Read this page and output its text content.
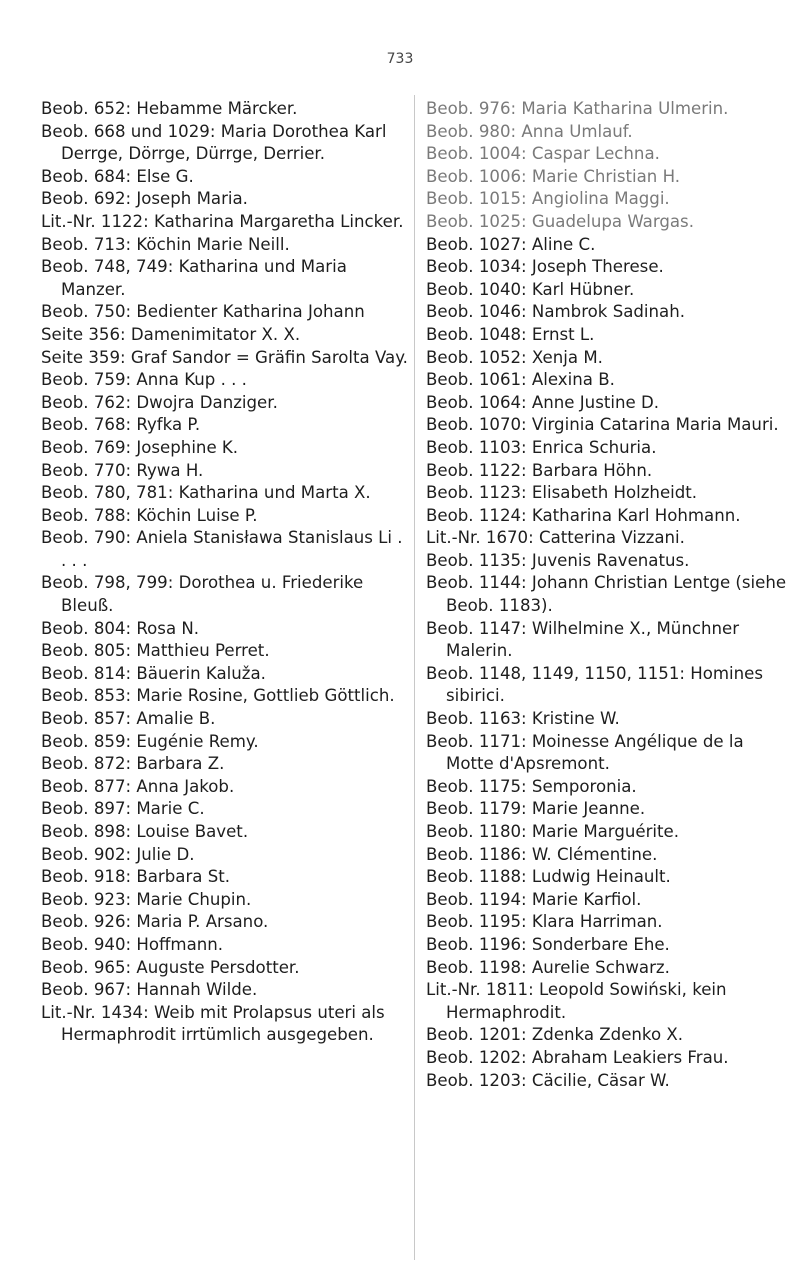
733
Beob. 652: Hebamme Märcker.
Beob. 668 und 1029: Maria Dorothea Karl Derrge, Dörrge, Dürrge, Derrier.
Beob. 684: Else G.
Beob. 692: Joseph Maria.
Lit.-Nr. 1122: Katharina Margaretha Lincker.
Beob. 713: Köchin Marie Neill.
Beob. 748, 749: Katharina und Maria Manzer.
Beob. 750: Bedienter Katharina Johann
Seite 356: Damenimitator X. X.
Seite 359: Graf Sandor = Gräfin Sarolta Vay.
Beob. 759: Anna Kup . . .
Beob. 762: Dwojra Danziger.
Beob. 768: Ryfka P.
Beob. 769: Josephine K.
Beob. 770: Rywa H.
Beob. 780, 781: Katharina und Marta X.
Beob. 788: Köchin Luise P.
Beob. 790: Aniela Stanisława Stanislaus Li . . . .
Beob. 798, 799: Dorothea u. Friederike Bleuß.
Beob. 804: Rosa N.
Beob. 805: Matthieu Perret.
Beob. 814: Bäuerin Kaluža.
Beob. 853: Marie Rosine, Gottlieb Göttlich.
Beob. 857: Amalie B.
Beob. 859: Eugénie Remy.
Beob. 872: Barbara Z.
Beob. 877: Anna Jakob.
Beob. 897: Marie C.
Beob. 898: Louise Bavet.
Beob. 902: Julie D.
Beob. 918: Barbara St.
Beob. 923: Marie Chupin.
Beob. 926: Maria P. Arsano.
Beob. 940: Hoffmann.
Beob. 965: Auguste Persdotter.
Beob. 967: Hannah Wilde.
Lit.-Nr. 1434: Weib mit Prolapsus uteri als Hermaphrodit irrtümlich ausgegeben.
Beob. 976: Maria Katharina Ulmerin.
Beob. 980: Anna Umlauf.
Beob. 1004: Caspar Lechna.
Beob. 1006: Marie Christian H.
Beob. 1015: Angiolina Maggi.
Beob. 1025: Guadelupa Wargas.
Beob. 1027: Aline C.
Beob. 1034: Joseph Therese.
Beob. 1040: Karl Hübner.
Beob. 1046: Nambrok Sadinah.
Beob. 1048: Ernst L.
Beob. 1052: Xenja M.
Beob. 1061: Alexina B.
Beob. 1064: Anne Justine D.
Beob. 1070: Virginia Catarina Maria Mauri.
Beob. 1103: Enrica Schuria.
Beob. 1122: Barbara Höhn.
Beob. 1123: Elisabeth Holzheidt.
Beob. 1124: Katharina Karl Hohmann.
Lit.-Nr. 1670: Catterina Vizzani.
Beob. 1135: Juvenis Ravenatus.
Beob. 1144: Johann Christian Lentge (siehe Beob. 1183).
Beob. 1147: Wilhelmine X., Münchner Malerin.
Beob. 1148, 1149, 1150, 1151: Homines sibirici.
Beob. 1163: Kristine W.
Beob. 1171: Moinesse Angélique de la Motte d'Apsremont.
Beob. 1175: Semporonia.
Beob. 1179: Marie Jeanne.
Beob. 1180: Marie Marguérite.
Beob. 1186: W. Clémentine.
Beob. 1188: Ludwig Heinault.
Beob. 1194: Marie Karfiol.
Beob. 1195: Klara Harriman.
Beob. 1196: Sonderbare Ehe.
Beob. 1198: Aurelie Schwarz.
Lit.-Nr. 1811: Leopold Sowiński, kein Hermaphrodit.
Beob. 1201: Zdenka Zdenko X.
Beob. 1202: Abraham Leakiers Frau.
Beob. 1203: Cäcilie, Cäsar W.
